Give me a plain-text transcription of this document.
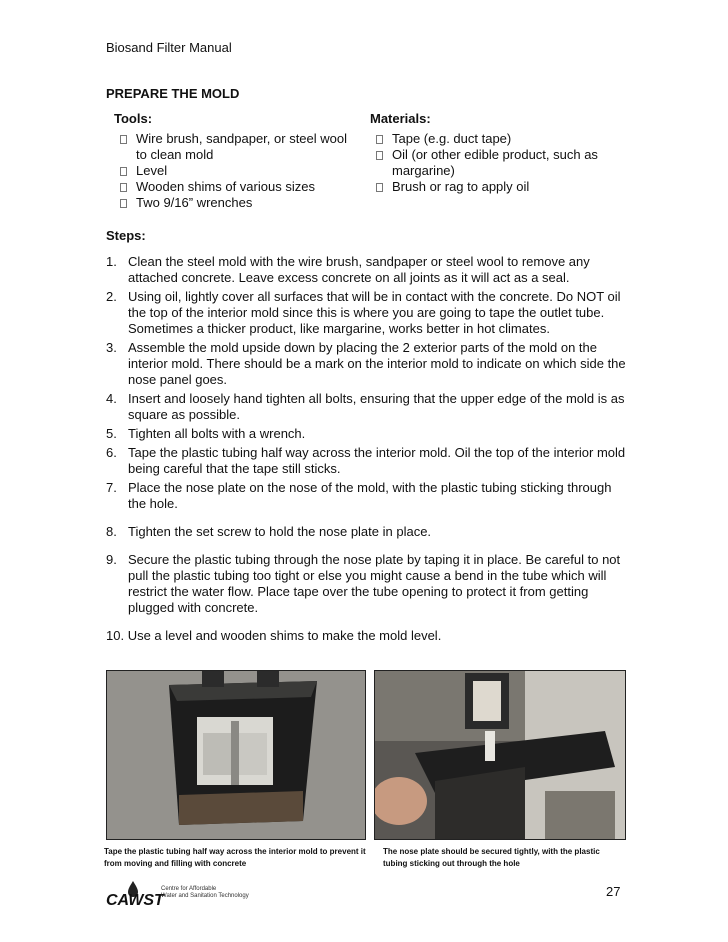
Biosand Filter Manual
PREPARE THE MOLD
Tools:
Wire brush, sandpaper, or steel wool to clean mold
Level
Wooden shims of various sizes
Two 9/16” wrenches
Materials:
Tape (e.g. duct tape)
Oil (or other edible product, such as margarine)
Brush or rag to apply oil
Steps:
1. Clean the steel mold with the wire brush, sandpaper or steel wool to remove any attached concrete. Leave excess concrete on all joints as it will act as a seal.
2. Using oil, lightly cover all surfaces that will be in contact with the concrete. Do NOT oil the top of the interior mold since this is where you are going to tape the outlet tube. Sometimes a thicker product, like margarine, works better in hot climates.
3. Assemble the mold upside down by placing the 2 exterior parts of the mold on the interior mold. There should be a mark on the interior mold to indicate on which side the nose panel goes.
4. Insert and loosely hand tighten all bolts, ensuring that the upper edge of the mold is as square as possible.
5. Tighten all bolts with a wrench.
6. Tape the plastic tubing half way across the interior mold. Oil the top of the interior mold being careful that the tape still sticks.
7. Place the nose plate on the nose of the mold, with the plastic tubing sticking through the hole.
8. Tighten the set screw to hold the nose plate in place.
9. Secure the plastic tubing through the nose plate by taping it in place. Be careful to not pull the plastic tubing too tight or else you might cause a bend in the tube which will restrict the water flow. Place tape over the tube opening to protect it from getting plugged with concrete.
10. Use a level and wooden shims to make the mold level.
Tape the plastic tubing half way across the interior mold to prevent it from moving and filling with concrete
The nose plate should be secured tightly, with the plastic tubing sticking out through the hole
CAWST
Centre for Affordable
Water and Sanitation Technology	27
